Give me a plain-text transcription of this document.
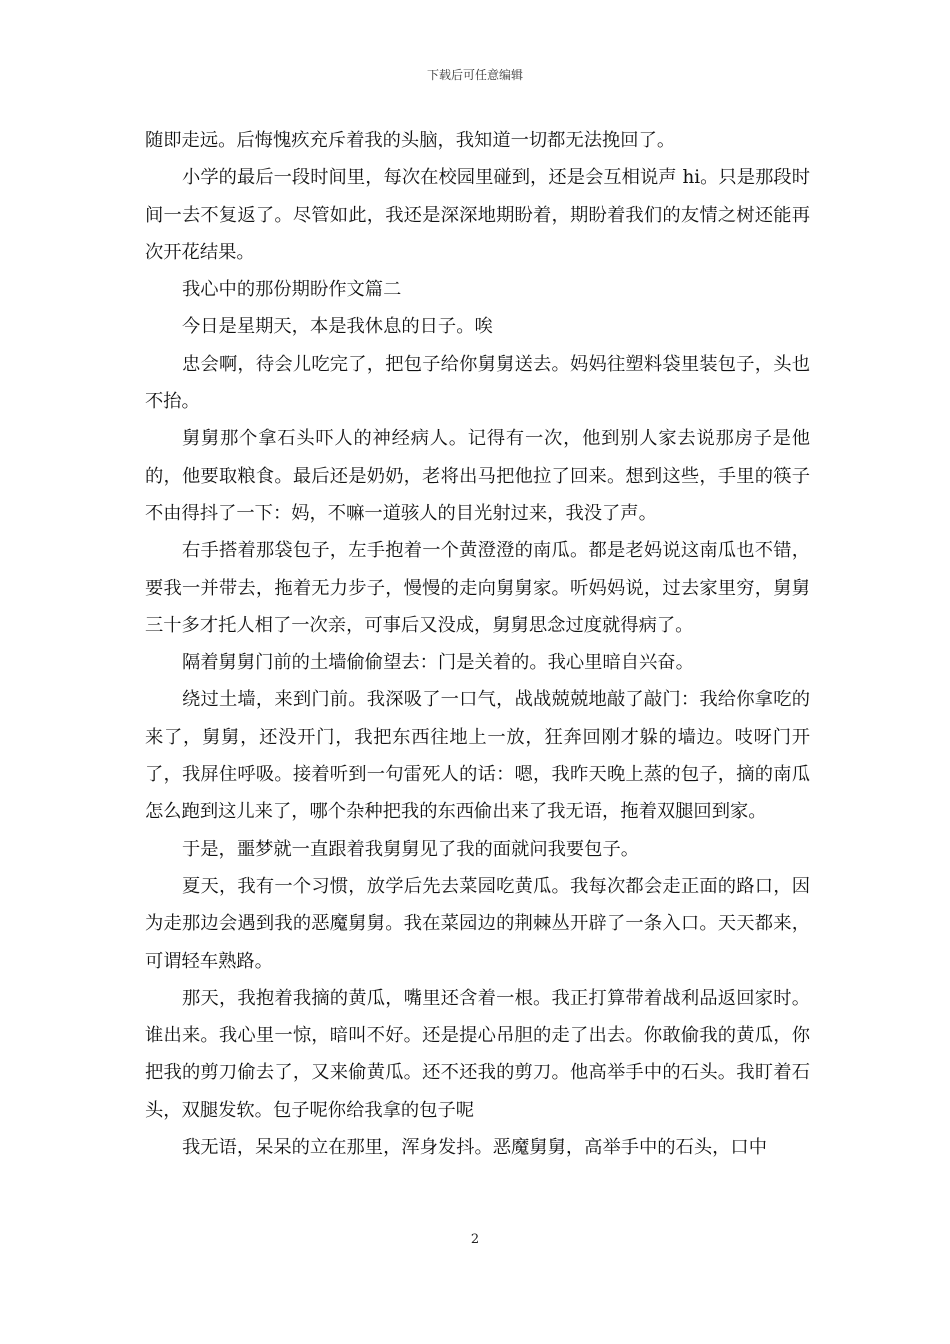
下载后可任意编辑

随即走远。后悔愧疚充斥着我的头脑，我知道一切都无法挽回了。

小学的最后一段时间里，每次在校园里碰到，还是会互相说声 hi。只是那段时间一去不复返了。尽管如此，我还是深深地期盼着，期盼着我们的友情之树还能再次开花结果。

我心中的那份期盼作文篇二

今日是星期天，本是我休息的日子。唉

忠会啊，待会儿吃完了，把包子给你舅舅送去。妈妈往塑料袋里装包子，头也不抬。

舅舅那个拿石头吓人的神经病人。记得有一次，他到别人家去说那房子是他的，他要取粮食。最后还是奶奶，老将出马把他拉了回来。想到这些，手里的筷子不由得抖了一下：妈，不嘛一道骇人的目光射过来，我没了声。

右手搭着那袋包子，左手抱着一个黄澄澄的南瓜。都是老妈说这南瓜也不错，要我一并带去，拖着无力步子，慢慢的走向舅舅家。听妈妈说，过去家里穷，舅舅三十多才托人相了一次亲，可事后又没成，舅舅思念过度就得病了。

隔着舅舅门前的土墙偷偷望去：门是关着的。我心里暗自兴奋。

绕过土墙，来到门前。我深吸了一口气，战战兢兢地敲了敲门：我给你拿吃的来了，舅舅，还没开门，我把东西往地上一放，狂奔回刚才躲的墙边。吱呀门开了，我屏住呼吸。接着听到一句雷死人的话：嗯，我昨天晚上蒸的包子，摘的南瓜怎么跑到这儿来了，哪个杂种把我的东西偷出来了我无语，拖着双腿回到家。

于是，噩梦就一直跟着我舅舅见了我的面就问我要包子。

夏天，我有一个习惯，放学后先去菜园吃黄瓜。我每次都会走正面的路口，因为走那边会遇到我的恶魔舅舅。我在菜园边的荆棘丛开辟了一条入口。天天都来，可谓轻车熟路。

那天，我抱着我摘的黄瓜，嘴里还含着一根。我正打算带着战利品返回家时。谁出来。我心里一惊，暗叫不好。还是提心吊胆的走了出去。你敢偷我的黄瓜，你把我的剪刀偷去了，又来偷黄瓜。还不还我的剪刀。他高举手中的石头。我盯着石头，双腿发软。包子呢你给我拿的包子呢

我无语，呆呆的立在那里，浑身发抖。恶魔舅舅，高举手中的石头，口中

2
